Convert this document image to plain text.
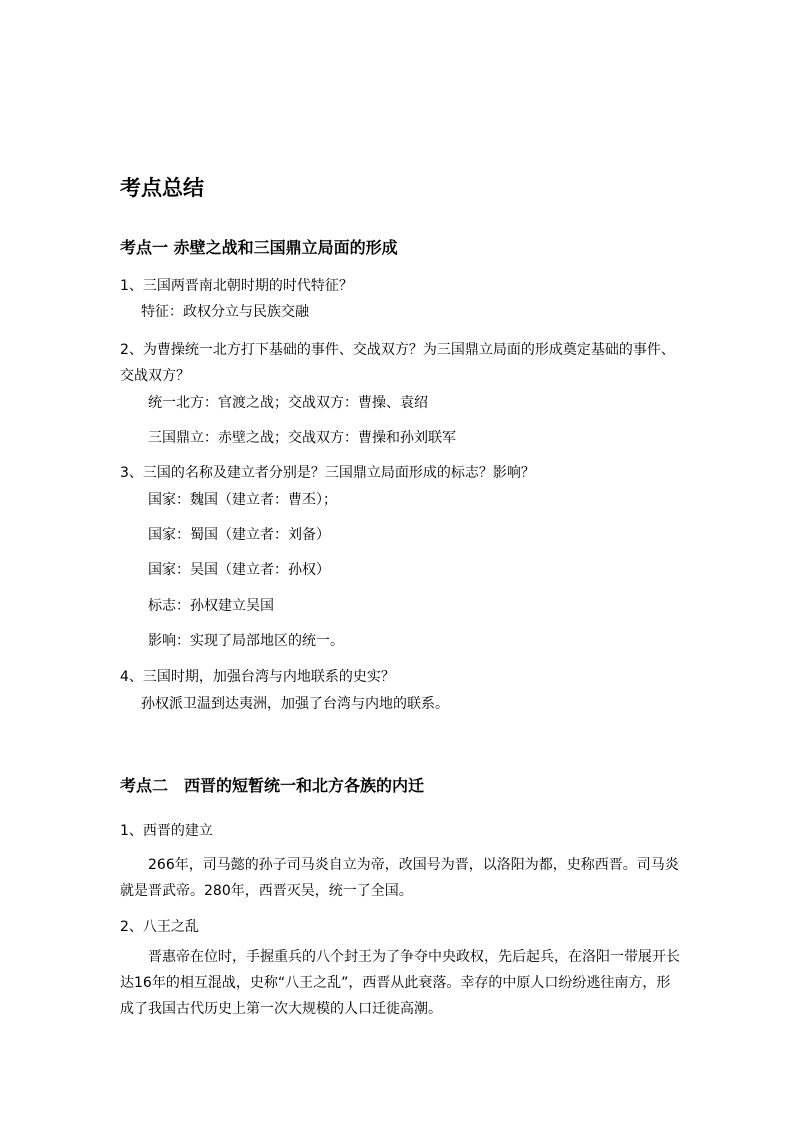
考点总结
考点一 赤壁之战和三国鼎立局面的形成
1、三国两晋南北朝时期的时代特征？
特征：政权分立与民族交融
2、为曹操统一北方打下基础的事件、交战双方？为三国鼎立局面的形成奠定基础的事件、
交战双方？
统一北方：官渡之战；交战双方：曹操、袁绍
三国鼎立：赤壁之战；交战双方：曹操和孙刘联军
3、三国的名称及建立者分别是？三国鼎立局面形成的标志？影响？
国家：魏国（建立者：曹丕）；
国家：蜀国（建立者：刘备）
国家：吴国（建立者：孙权）
标志：孙权建立吴国
影响：实现了局部地区的统一。
4、三国时期，加强台湾与内地联系的史实？
孙权派卫温到达夷洲，加强了台湾与内地的联系。
考点二　西晋的短暂统一和北方各族的内迁
1、西晋的建立
266年，司马懿的孙子司马炎自立为帝，改国号为晋，以洛阳为都，史称西晋。司马炎
就是晋武帝。280年，西晋灭吴，统一了全国。
2、八王之乱
晋惠帝在位时，手握重兵的八个封王为了争夺中央政权，先后起兵，在洛阳一带展开长
达16年的相互混战，史称“八王之乱”，西晋从此衰落。幸存的中原人口纷纷逃往南方，形
成了我国古代历史上第一次大规模的人口迁徙高潮。
